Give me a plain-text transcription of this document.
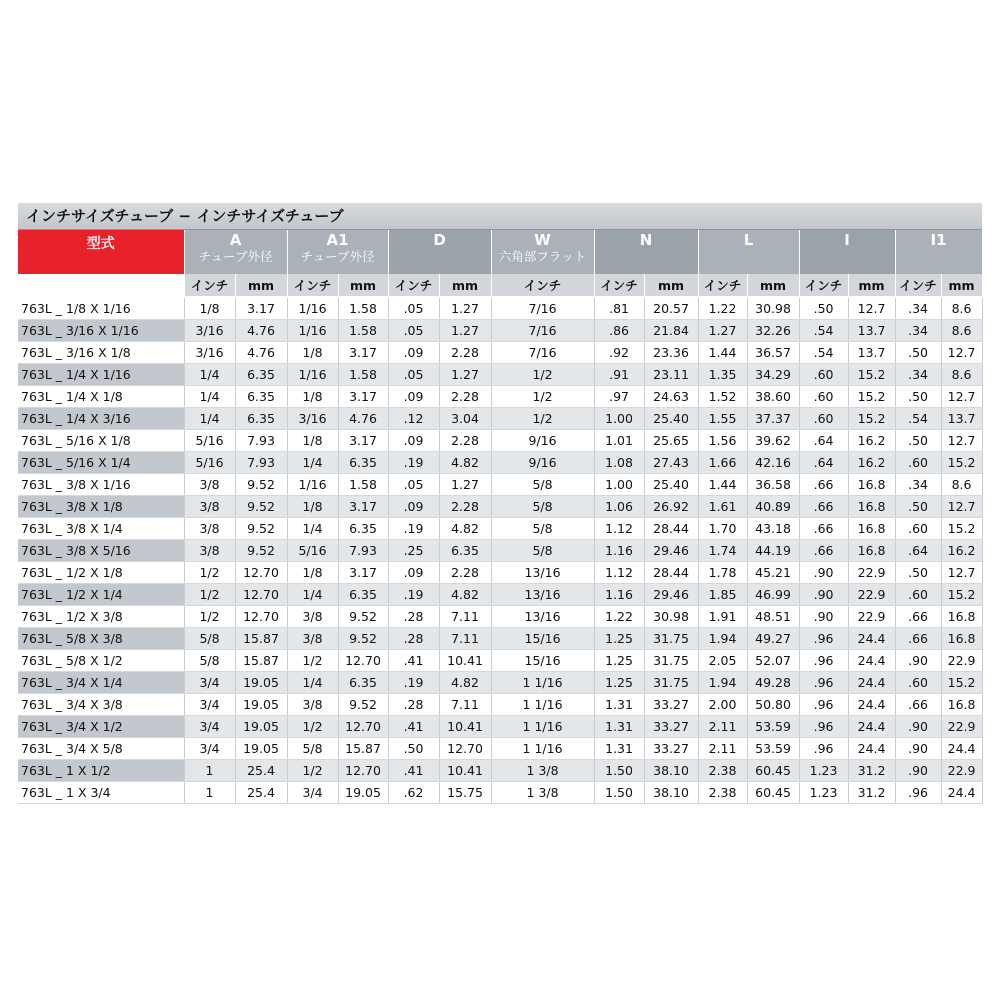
インチサイズチューブ − インチサイズチューブ
型式	A
チューブ外径		A1
チューブ外径		D		W
六角部フラット	N		L		I		I1	

	インチ	mm	インチ	mm	インチ	mm	インチ	インチ	mm	インチ	mm	インチ	mm	インチ	mm
763L _ 1/8 X 1/16	1/8	3.17	1/16	1.58	.05	1.27	7/16	.81	20.57	1.22	30.98	.50	12.7	.34	8.6
763L _ 3/16 X 1/16	3/16	4.76	1/16	1.58	.05	1.27	7/16	.86	21.84	1.27	32.26	.54	13.7	.34	8.6
763L _ 3/16 X 1/8	3/16	4.76	1/8	3.17	.09	2.28	7/16	.92	23.36	1.44	36.57	.54	13.7	.50	12.7
763L _ 1/4 X 1/16	1/4	6.35	1/16	1.58	.05	1.27	1/2	.91	23.11	1.35	34.29	.60	15.2	.34	8.6
763L _ 1/4 X 1/8	1/4	6.35	1/8	3.17	.09	2.28	1/2	.97	24.63	1.52	38.60	.60	15.2	.50	12.7
763L _ 1/4 X 3/16	1/4	6.35	3/16	4.76	.12	3.04	1/2	1.00	25.40	1.55	37.37	.60	15.2	.54	13.7
763L _ 5/16 X 1/8	5/16	7.93	1/8	3.17	.09	2.28	9/16	1.01	25.65	1.56	39.62	.64	16.2	.50	12.7
763L _ 5/16 X 1/4	5/16	7.93	1/4	6.35	.19	4.82	9/16	1.08	27.43	1.66	42.16	.64	16.2	.60	15.2
763L _ 3/8 X 1/16	3/8	9.52	1/16	1.58	.05	1.27	5/8	1.00	25.40	1.44	36.58	.66	16.8	.34	8.6
763L _ 3/8 X 1/8	3/8	9.52	1/8	3.17	.09	2.28	5/8	1.06	26.92	1.61	40.89	.66	16.8	.50	12.7
763L _ 3/8 X 1/4	3/8	9.52	1/4	6.35	.19	4.82	5/8	1.12	28.44	1.70	43.18	.66	16.8	.60	15.2
763L _ 3/8 X 5/16	3/8	9.52	5/16	7.93	.25	6.35	5/8	1.16	29.46	1.74	44.19	.66	16.8	.64	16.2
763L _ 1/2 X 1/8	1/2	12.70	1/8	3.17	.09	2.28	13/16	1.12	28.44	1.78	45.21	.90	22.9	.50	12.7
763L _ 1/2 X 1/4	1/2	12.70	1/4	6.35	.19	4.82	13/16	1.16	29.46	1.85	46.99	.90	22.9	.60	15.2
763L _ 1/2 X 3/8	1/2	12.70	3/8	9.52	.28	7.11	13/16	1.22	30.98	1.91	48.51	.90	22.9	.66	16.8
763L _ 5/8 X 3/8	5/8	15.87	3/8	9.52	.28	7.11	15/16	1.25	31.75	1.94	49.27	.96	24.4	.66	16.8
763L _ 5/8 X 1/2	5/8	15.87	1/2	12.70	.41	10.41	15/16	1.25	31.75	2.05	52.07	.96	24.4	.90	22.9
763L _ 3/4 X 1/4	3/4	19.05	1/4	6.35	.19	4.82	1 1/16	1.25	31.75	1.94	49.28	.96	24.4	.60	15.2
763L _ 3/4 X 3/8	3/4	19.05	3/8	9.52	.28	7.11	1 1/16	1.31	33.27	2.00	50.80	.96	24.4	.66	16.8
763L _ 3/4 X 1/2	3/4	19.05	1/2	12.70	.41	10.41	1 1/16	1.31	33.27	2.11	53.59	.96	24.4	.90	22.9
763L _ 3/4 X 5/8	3/4	19.05	5/8	15.87	.50	12.70	1 1/16	1.31	33.27	2.11	53.59	.96	24.4	.90	24.4
763L _ 1 X 1/2	1	25.4	1/2	12.70	.41	10.41	1 3/8	1.50	38.10	2.38	60.45	1.23	31.2	.90	22.9
763L _ 1 X 3/4	1	25.4	3/4	19.05	.62	15.75	1 3/8	1.50	38.10	2.38	60.45	1.23	31.2	.96	24.4
